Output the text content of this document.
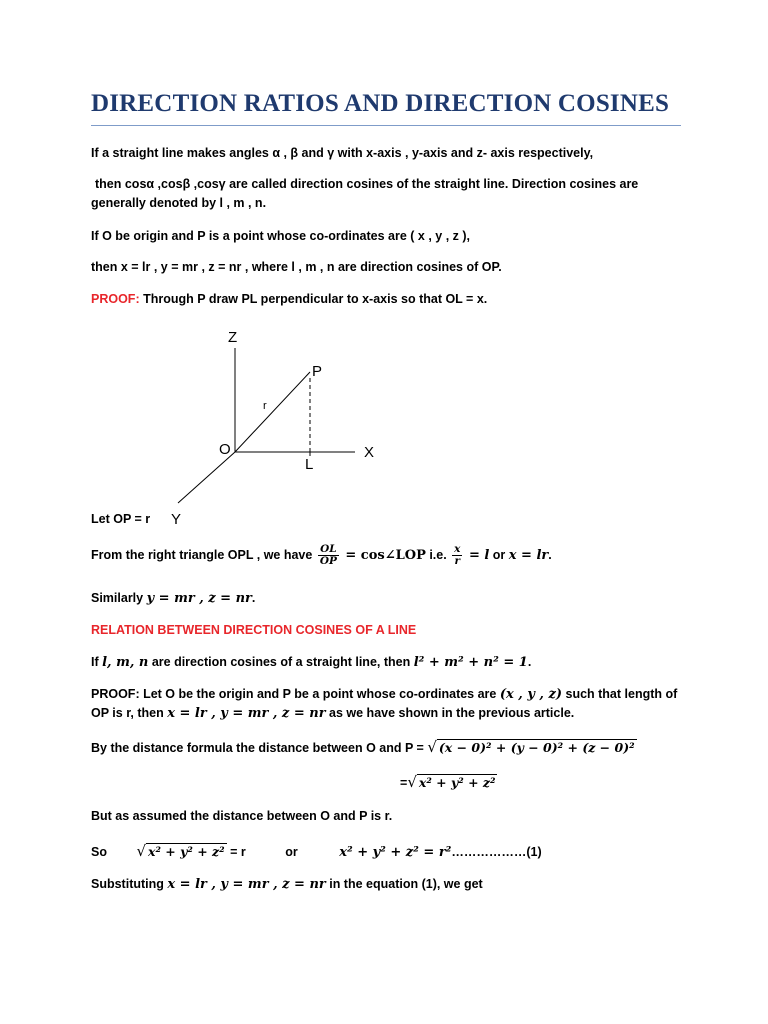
DIRECTION RATIOS AND DIRECTION COSINES

If a straight line makes angles α , β and γ with x-axis , y-axis and z- axis respectively,

then cosα ,cosβ ,cosγ are called direction cosines of the straight line. Direction cosines are generally denoted by l , m , n.

If O be origin and P is a point whose co-ordinates are ( x , y , z ),

then x = lr , y = mr , z = nr , where l , m , n are direction cosines of OP.

PROOF: Through P draw PL perpendicular to x-axis so that OL = x.

Z
P
r
O	X
L
Y

Let OP = r

From the right triangle OPL , we have $\frac{OL}{OP}$ = cos∠LOP i.e. $\frac{x}{r} = l$ or x = lr.

Similarly y = mr , z = nr.

RELATION BETWEEN DIRECTION COSINES OF A LINE

If l, m, n are direction cosines of a straight line, then l² + m² + n² = 1.

PROOF: Let O be the origin and P be a point whose co-ordinates are (x , y , z) such that length of OP is r, then x = lr , y = mr , z = nr as we have shown in the previous article.

By the distance formula the distance between O and P = √ (x − 0)² + (y − 0)² + (z − 0)²

=√ x² + y² + z²

But as assumed the distance between O and P is r.

So √ x² + y² + z² = r	or	x² + y² + z² = r²………………(1)

Substituting x = lr , y = mr , z = nr in the equation (1), we get
